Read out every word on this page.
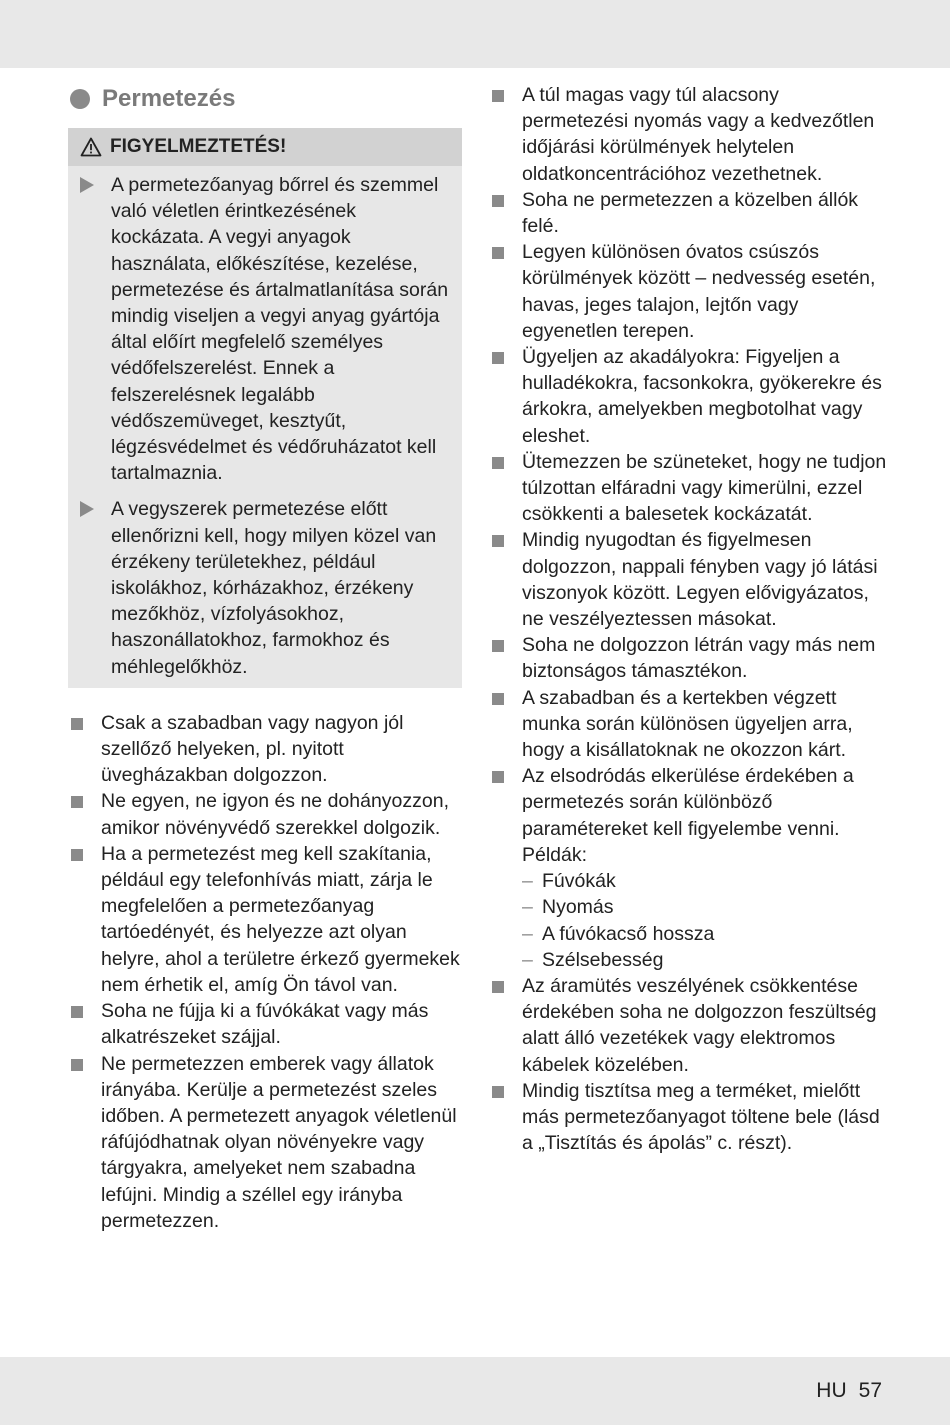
Permetezés
FIGYELMEZTETÉS!
A permetezőanyag bőrrel és szemmel való véletlen érintkezésének kockázata. A vegyi anyagok használata, előkészítése, kezelése, permetezése és ártalmatlanítása során mindig viseljen a vegyi anyag gyártója által előírt megfelelő személyes védőfelszerelést. Ennek a felszerelésnek legalább védőszemüveget, kesztyűt, légzésvédelmet és védőruházatot kell tartalmaznia.
A vegyszerek permetezése előtt ellenőrizni kell, hogy milyen közel van érzékeny területekhez, például iskolákhoz, kórházakhoz, érzékeny mezőkhöz, vízfolyásokhoz, haszonállatokhoz, farmokhoz és méhlegelőkhöz.
Csak a szabadban vagy nagyon jól szellőző helyeken, pl. nyitott üvegházakban dolgozzon.
Ne egyen, ne igyon és ne dohányozzon, amikor növényvédő szerekkel dolgozik.
Ha a permetezést meg kell szakítania, például egy telefonhívás miatt, zárja le megfelelően a permetezőanyag tartóedényét, és helyezze azt olyan helyre, ahol a területre érkező gyermekek nem érhetik el, amíg Ön távol van.
Soha ne fújja ki a fúvókákat vagy más alkatrészeket szájjal.
Ne permetezzen emberek vagy állatok irányába. Kerülje a permetezést szeles időben. A permetezett anyagok véletlenül ráfújódhatnak olyan növényekre vagy tárgyakra, amelyeket nem szabadna lefújni. Mindig a széllel egy irányba permetezzen.
A túl magas vagy túl alacsony permetezési nyomás vagy a kedvezőtlen időjárási körülmények helytelen oldatkoncentrációhoz vezethetnek.
Soha ne permetezzen a közelben állók felé.
Legyen különösen óvatos csúszós körülmények között – nedvesség esetén, havas, jeges talajon, lejtőn vagy egyenetlen terepen.
Ügyeljen az akadályokra: Figyeljen a hulladékokra, facsonkokra, gyökerekre és árkokra, amelyekben megbotolhat vagy eleshet.
Ütemezzen be szüneteket, hogy ne tudjon túlzottan elfáradni vagy kimerülni, ezzel csökkenti a balesetek kockázatát.
Mindig nyugodtan és figyelmesen dolgozzon, nappali fényben vagy jó látási viszonyok között. Legyen elővigyázatos, ne veszélyeztessen másokat.
Soha ne dolgozzon létrán vagy más nem biztonságos támasztékon.
A szabadban és a kertekben végzett munka során különösen ügyeljen arra, hogy a kisállatoknak ne okozzon kárt.
Az elsodródás elkerülése érdekében a permetezés során különböző paramétereket kell figyelembe venni. Példák:
– Fúvókák
– Nyomás
– A fúvókacső hossza
– Szélsebesség
Az áramütés veszélyének csökkentése érdekében soha ne dolgozzon feszültség alatt álló vezetékek vagy elektromos kábelek közelében.
Mindig tisztítsa meg a terméket, mielőtt más permetezőanyagot töltene bele (lásd a „Tisztítás és ápolás” c. részt).
HU 57
